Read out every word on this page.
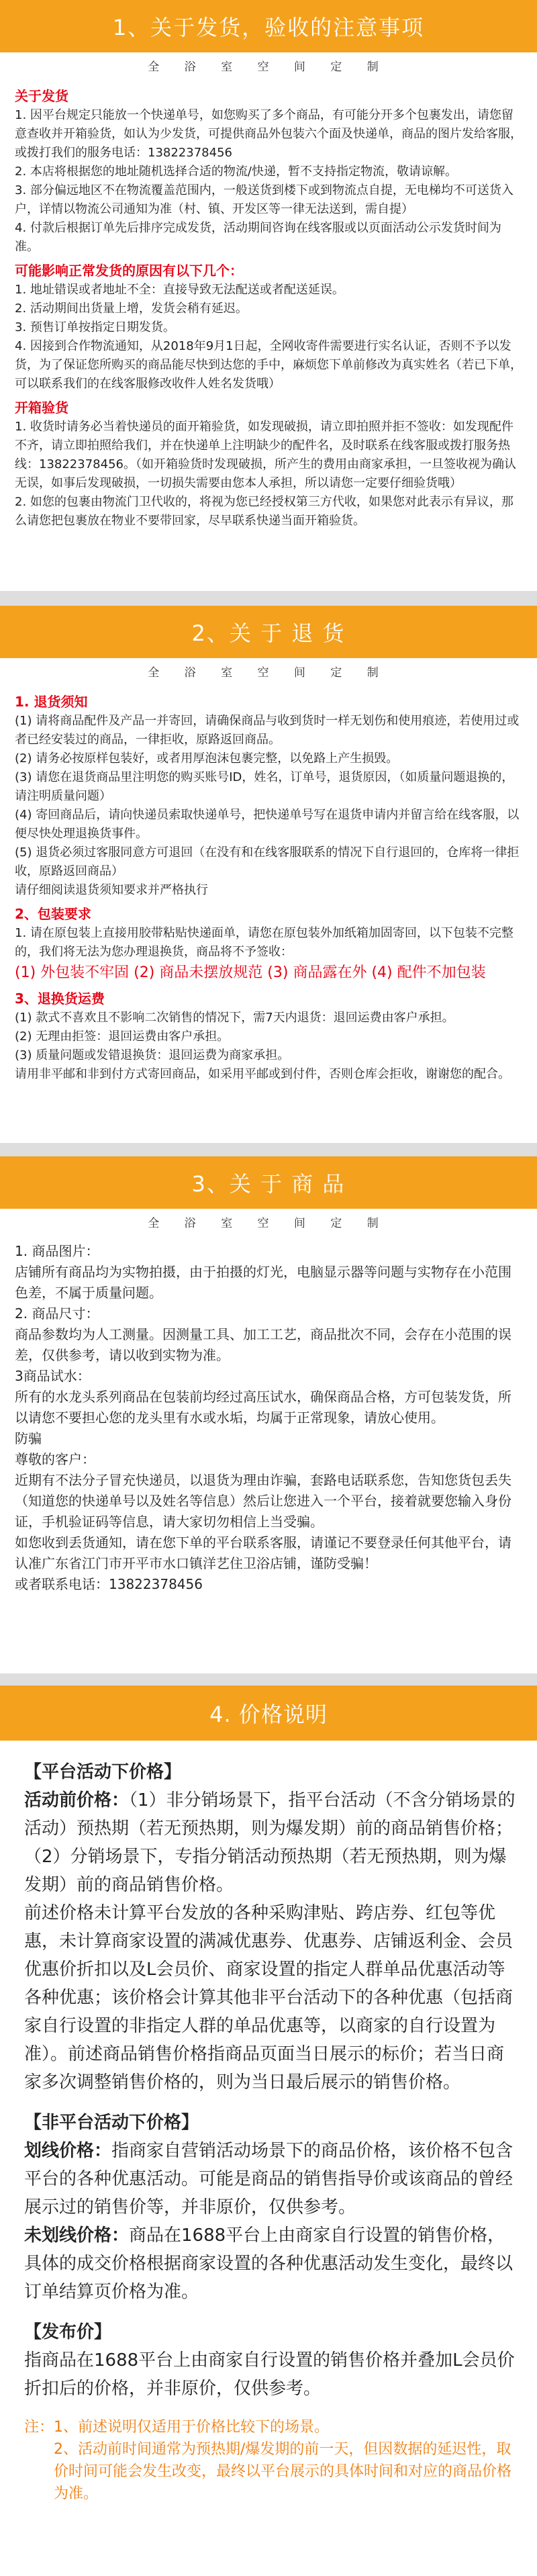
1、关于发货，验收的注意事项
全 浴 室 空 间 定 制
关于发货

1. 因平台规定只能放一个快递单号，如您购买了多个商品，有可能分开多个包裹发出，请您留意查收并开箱验货，如认为少发货，可提供商品外包装六个面及快递单，商品的图片发给客服，或拨打我们的服务电话：13822378456

2. 本店将根据您的地址随机选择合适的物流/快递，暂不支持指定物流，敬请谅解。

3. 部分偏远地区不在物流覆盖范围内，一般送货到楼下或到物流点自提，无电梯均不可送货入户，详情以物流公司通知为准（村、镇、开发区等一律无法送到，需自提）

4. 付款后根据订单先后排序完成发货，活动期间咨询在线客服或以页面活动公示发货时间为准。

可能影响正常发货的原因有以下几个：

1. 地址错误或者地址不全：直接导致无法配送或者配送延误。

2. 活动期间出货量上增，发货会稍有延迟。

3. 预售订单按指定日期发货。

4. 因接到合作物流通知，从2018年9月1日起，全网收寄件需要进行实名认证，否则不予以发货，为了保证您所购买的商品能尽快到达您的手中，麻烦您下单前修改为真实姓名（若已下单，可以联系我们的在线客服修改收件人姓名发货哦）

开箱验货

1. 收货时请务必当着快递员的面开箱验货，如发现破损，请立即拍照并拒不签收：如发现配件不齐，请立即拍照给我们，并在快递单上注明缺少的配件名，及时联系在线客服或拨打服务热线：13822378456。（如开箱验货时发现破损，所产生的费用由商家承担，一旦签收视为确认无误，如事后发现破损，一切损失需要由您本人承担，所以请您一定要仔细验货哦）

2. 如您的包裹由物流门卫代收的，将视为您已经授权第三方代收，如果您对此表示有异议，那么请您把包裹放在物业不要带回家，尽早联系快递当面开箱验货。

2、关 于 退 货
全 浴 室 空 间 定 制
1. 退货须知

(1) 请将商品配件及产品一并寄回，请确保商品与收到货时一样无划伤和使用痕迹，若使用过或者已经安装过的商品，一律拒收，原路返回商品。

(2) 请务必按原样包装好，或者用厚泡沫包裹完整，以免路上产生损毁。

(3) 请您在退货商品里注明您的购买账号ID，姓名，订单号，退货原因，（如质量问题退换的，请注明质量问题）

(4) 寄回商品后，请向快递员索取快递单号，把快递单号写在退货申请内并留言给在线客服，以便尽快处理退换货事件。

(5) 退货必须过客服同意方可退回（在没有和在线客服联系的情况下自行退回的，仓库将一律拒收，原路返回商品）

请仔细阅读退货须知要求并严格执行

2、包装要求

1. 请在原包装上直接用胶带粘贴快递面单，请您在原包装外加纸箱加固寄回，以下包装不完整的，我们将无法为您办理退换货，商品将不予签收：

(1) 外包装不牢固 (2) 商品未摆放规范 (3) 商品露在外 (4) 配件不加包装

3、退换货运费

(1) 款式不喜欢且不影响二次销售的情况下，需7天内退货：退回运费由客户承担。

(2) 无理由拒签：退回运费由客户承担。

(3) 质量问题或发错退换货：退回运费为商家承担。

请用非平邮和非到付方式寄回商品，如采用平邮或到付件，否则仓库会拒收，谢谢您的配合。

3、关 于 商 品
全 浴 室 空 间 定 制

1. 商品图片：

店铺所有商品均为实物拍摄，由于拍摄的灯光，电脑显示器等问题与实物存在小范围色差，不属于质量问题。

2. 商品尺寸：

商品参数均为人工测量。因测量工具、加工工艺，商品批次不同，会存在小范围的误差，仅供参考，请以收到实物为准。

3商品试水：

所有的水龙头系列商品在包装前均经过高压试水，确保商品合格，方可包装发货，所以请您不要担心您的龙头里有水或水垢，均属于正常现象，请放心使用。

防骗

尊敬的客户：

近期有不法分子冒充快递员，以退货为理由诈骗，套路电话联系您，告知您货包丢失（知道您的快递单号以及姓名等信息）然后让您进入一个平台，接着就要您输入身份证，手机验证码等信息，请大家切勿相信上当受骗。

如您收到丢货通知，请在您下单的平台联系客服，请谨记不要登录任何其他平台，请认准广东省江门市开平市水口镇洋艺住卫浴店铺，谨防受骗！

或者联系电话：13822378456

4. 价格说明

【平台活动下价格】

活动前价格：（1）非分销场景下，指平台活动（不含分销场景的活动）预热期（若无预热期，则为爆发期）前的商品销售价格；（2）分销场景下，专指分销活动预热期（若无预热期，则为爆发期）前的商品销售价格。

前述价格未计算平台发放的各种采购津贴、跨店券、红包等优惠，未计算商家设置的满减优惠券、优惠券、店铺返利金、会员优惠价折扣以及L会员价、商家设置的指定人群单品优惠活动等各种优惠；该价格会计算其他非平台活动下的各种优惠（包括商家自行设置的非指定人群的单品优惠等，以商家的自行设置为准）。前述商品销售价格指商品页面当日展示的标价；若当日商家多次调整销售价格的，则为当日最后展示的销售价格。

【非平台活动下价格】

划线价格：指商家自营销活动场景下的商品价格，该价格不包含平台的各种优惠活动。可能是商品的销售指导价或该商品的曾经展示过的销售价等，并非原价，仅供参考。

未划线价格：商品在1688平台上由商家自行设置的销售价格，具体的成交价格根据商家设置的各种优惠活动发生变化，最终以订单结算页价格为准。

【发布价】

指商品在1688平台上由商家自行设置的销售价格并叠加L会员价折扣后的价格，并非原价，仅供参考。

注： 1、前述说明仅适用于价格比较下的场景。
2、活动前时间通常为预热期/爆发期的前一天，但因数据的延迟性，取价时间可能会发生改变，最终以平台展示的具体时间和对应的商品价格为准。
